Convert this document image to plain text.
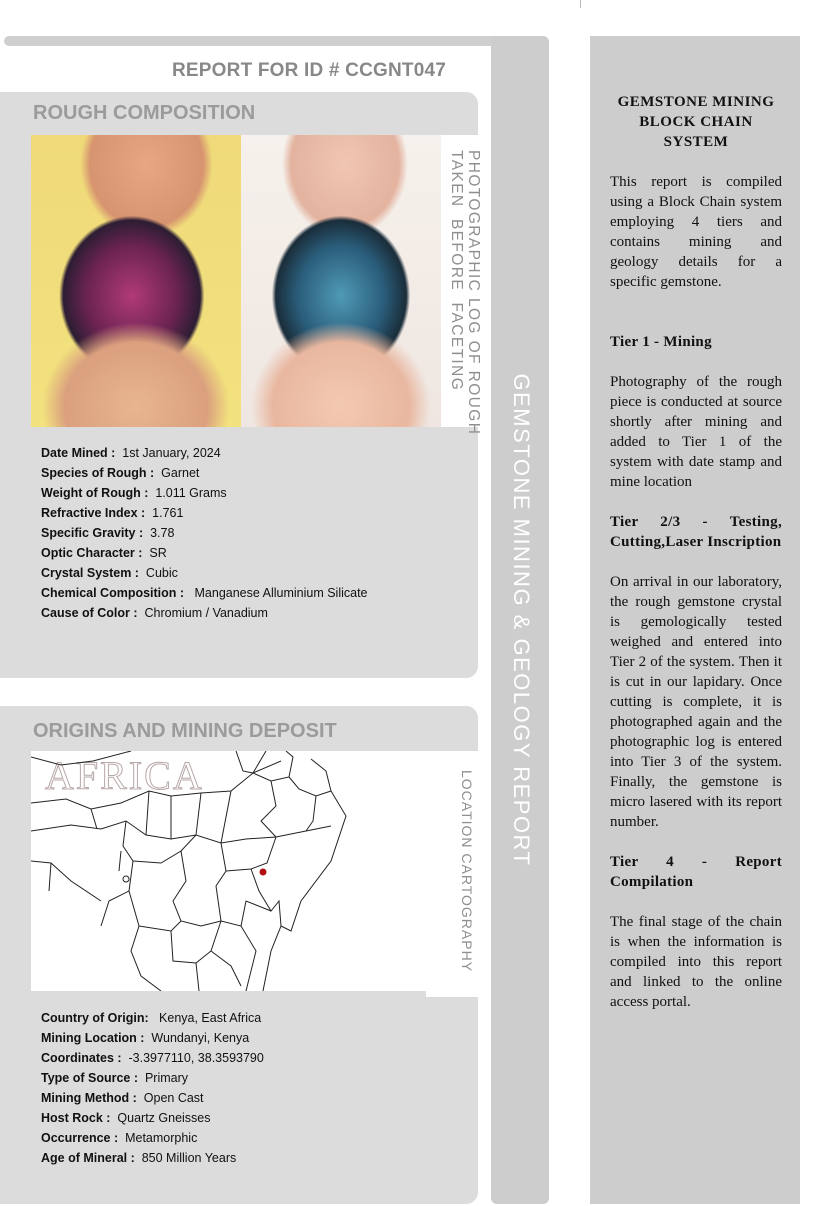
REPORT FOR ID # CCGNT047
ROUGH COMPOSITION
PHOTOGRAPHIC LOG OF ROUGH
TAKEN  BEFORE  FACETING
Date Mined : 1st January, 2024
Species of Rough : Garnet
Weight of Rough : 1.011 Grams
Refractive Index : 1.761
Specific Gravity : 3.78
Optic Character : SR
Crystal System : Cubic
Chemical Composition : Manganese Alluminium Silicate
Cause of Color : Chromium / Vanadium
ORIGINS AND MINING DEPOSIT
AFRICA	LOCATION CARTOGRAPHY
Country of Origin: Kenya, East Africa
Mining Location : Wundanyi, Kenya
Coordinates : -3.3977110, 38.3593790
Type of Source : Primary
Mining Method : Open Cast
Host Rock : Quartz Gneisses
Occurrence : Metamorphic
Age of Mineral : 850 Million Years
GEMSTONE MINING & GEOLOGY REPORT
GEMSTONE MINING BLOCK CHAIN SYSTEM

This report is compiled using a Block Chain system employing 4 tiers and contains mining and geology details for a specific gemstone.

Tier 1 - Mining

Photography of the rough piece is conducted at source shortly after mining and added to Tier 1 of the system with date stamp and mine location

Tier 2/3 - Testing, Cutting,Laser Inscription

On arrival in our laboratory, the rough gemstone crystal is gemologically tested weighed and entered into Tier 2 of the system. Then it is cut in our lapidary. Once cutting is complete, it is photographed again and the photographic log is entered into Tier 3 of the system. Finally, the gemstone is micro lasered with its report number.

Tier 4 - Report Compilation

The final stage of the chain is when the information is compiled into this report and linked to the online access portal.
